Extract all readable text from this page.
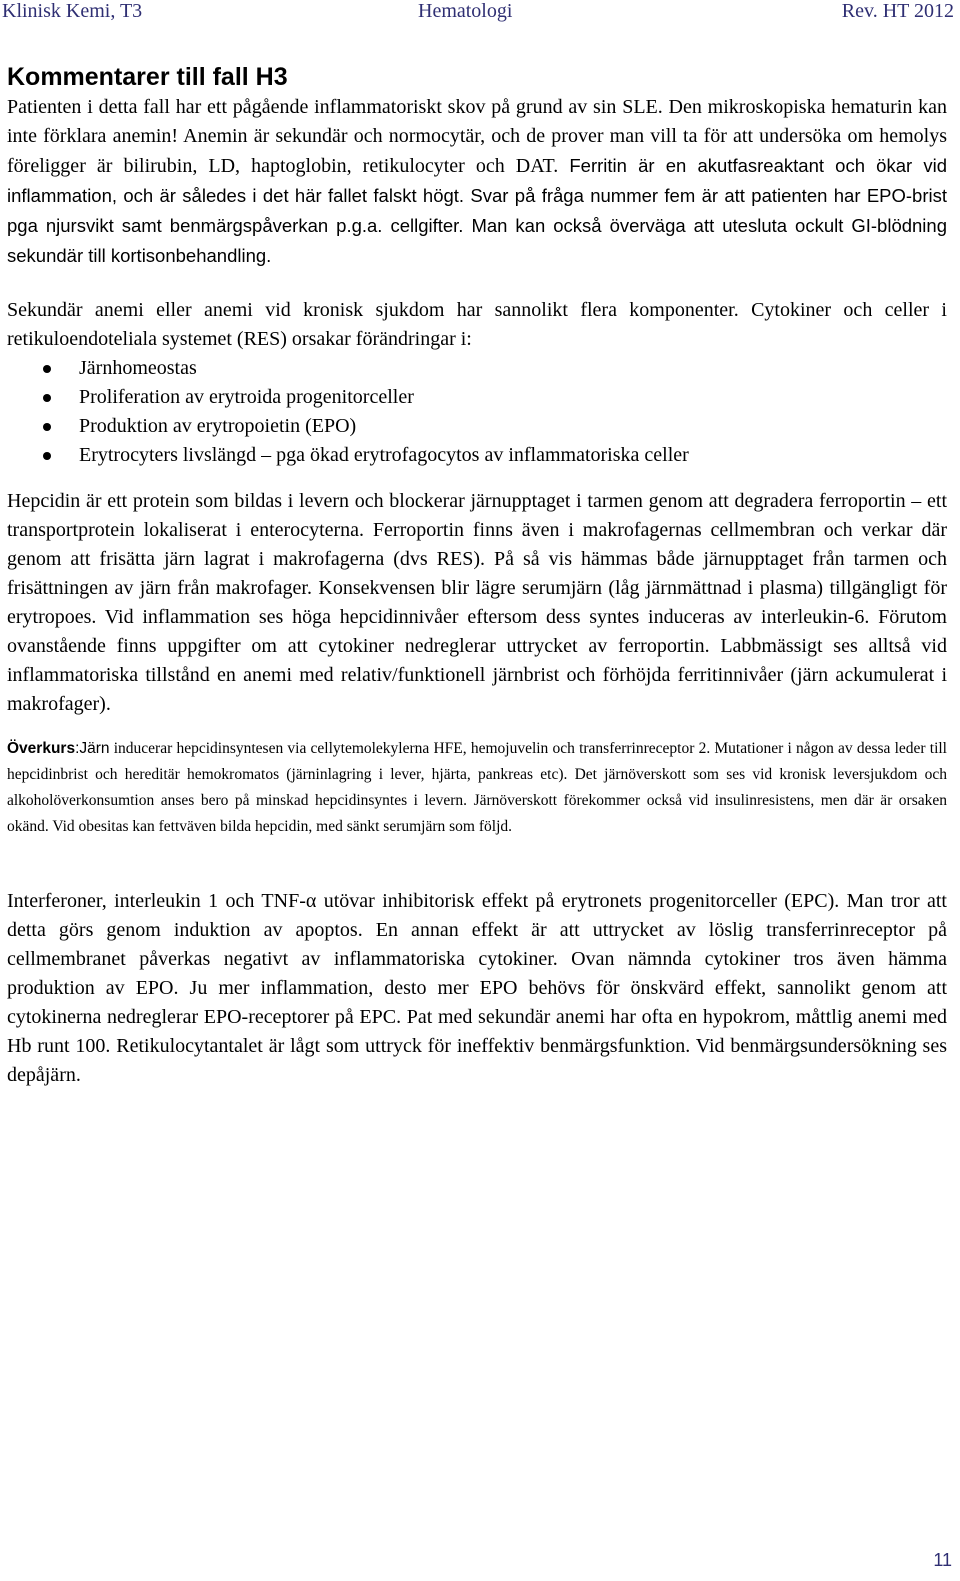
Klinisk Kemi, T3	Hematologi	Rev. HT 2012
Kommentarer till fall H3

Patienten i detta fall har ett pågående inflammatoriskt skov på grund av sin SLE. Den mikroskopiska hematurin kan inte förklara anemin! Anemin är sekundär och normocytär, och de prover man vill ta för att undersöka om hemolys föreligger är bilirubin, LD, haptoglobin, retikulocyter och DAT. Ferritin är en akutfasreaktant och ökar vid inflammation, och är således i det här fallet falskt högt. Svar på fråga nummer fem är att patienten har EPO-brist pga njursvikt samt benmärgspåverkan p.g.a. cellgifter. Man kan också överväga att utesluta ockult GI-blödning sekundär till kortisonbehandling.

Sekundär anemi eller anemi vid kronisk sjukdom har sannolikt flera komponenter. Cytokiner och celler i retikuloendoteliala systemet (RES) orsakar förändringar i:

Järnhomeostas
Proliferation av erytroida progenitorceller
Produktion av erytropoietin (EPO)
Erytrocyters livslängd – pga ökad erytrofagocytos av inflammatoriska celler

Hepcidin är ett protein som bildas i levern och blockerar järnupptaget i tarmen genom att degradera ferroportin – ett transportprotein lokaliserat i enterocyterna. Ferroportin finns även i makrofagernas cellmembran och verkar där genom att frisätta järn lagrat i makrofagerna (dvs RES). På så vis hämmas både järnupptaget från tarmen och frisättningen av järn från makrofager. Konsekvensen blir lägre serumjärn (låg järnmättnad i plasma) tillgängligt för erytropoes. Vid inflammation ses höga hepcidinnivåer eftersom dess syntes induceras av interleukin-6. Förutom ovanstående finns uppgifter om att cytokiner nedreglerar uttrycket av ferroportin. Labbmässigt ses alltså vid inflammatoriska tillstånd en anemi med relativ/funktionell järnbrist och förhöjda ferritinnivåer (järn ackumulerat i makrofager).

Överkurs:Järn inducerar hepcidinsyntesen via cellytemolekylerna HFE, hemojuvelin och transferrinreceptor 2. Mutationer i någon av dessa leder till hepcidinbrist och hereditär hemokromatos (järninlagring i lever, hjärta, pankreas etc). Det järnöverskott som ses vid kronisk leversjukdom och alkoholöverkonsumtion anses bero på minskad hepcidinsyntes i levern. Järnöverskott förekommer också vid insulinresistens, men där är orsaken okänd. Vid obesitas kan fettväven bilda hepcidin, med sänkt serumjärn som följd.

Interferoner, interleukin 1 och TNF-α utövar inhibitorisk effekt på erytronets progenitorceller (EPC). Man tror att detta görs genom induktion av apoptos. En annan effekt är att uttrycket av löslig transferrinreceptor på cellmembranet påverkas negativt av inflammatoriska cytokiner. Ovan nämnda cytokiner tros även hämma produktion av EPO. Ju mer inflammation, desto mer EPO behövs för önskvärd effekt, sannolikt genom att cytokinerna nedreglerar EPO-receptorer på EPC. Pat med sekundär anemi har ofta en hypokrom, måttlig anemi med Hb runt 100. Retikulocytantalet är lågt som uttryck för ineffektiv benmärgsfunktion. Vid benmärgsundersökning ses depåjärn.

11
